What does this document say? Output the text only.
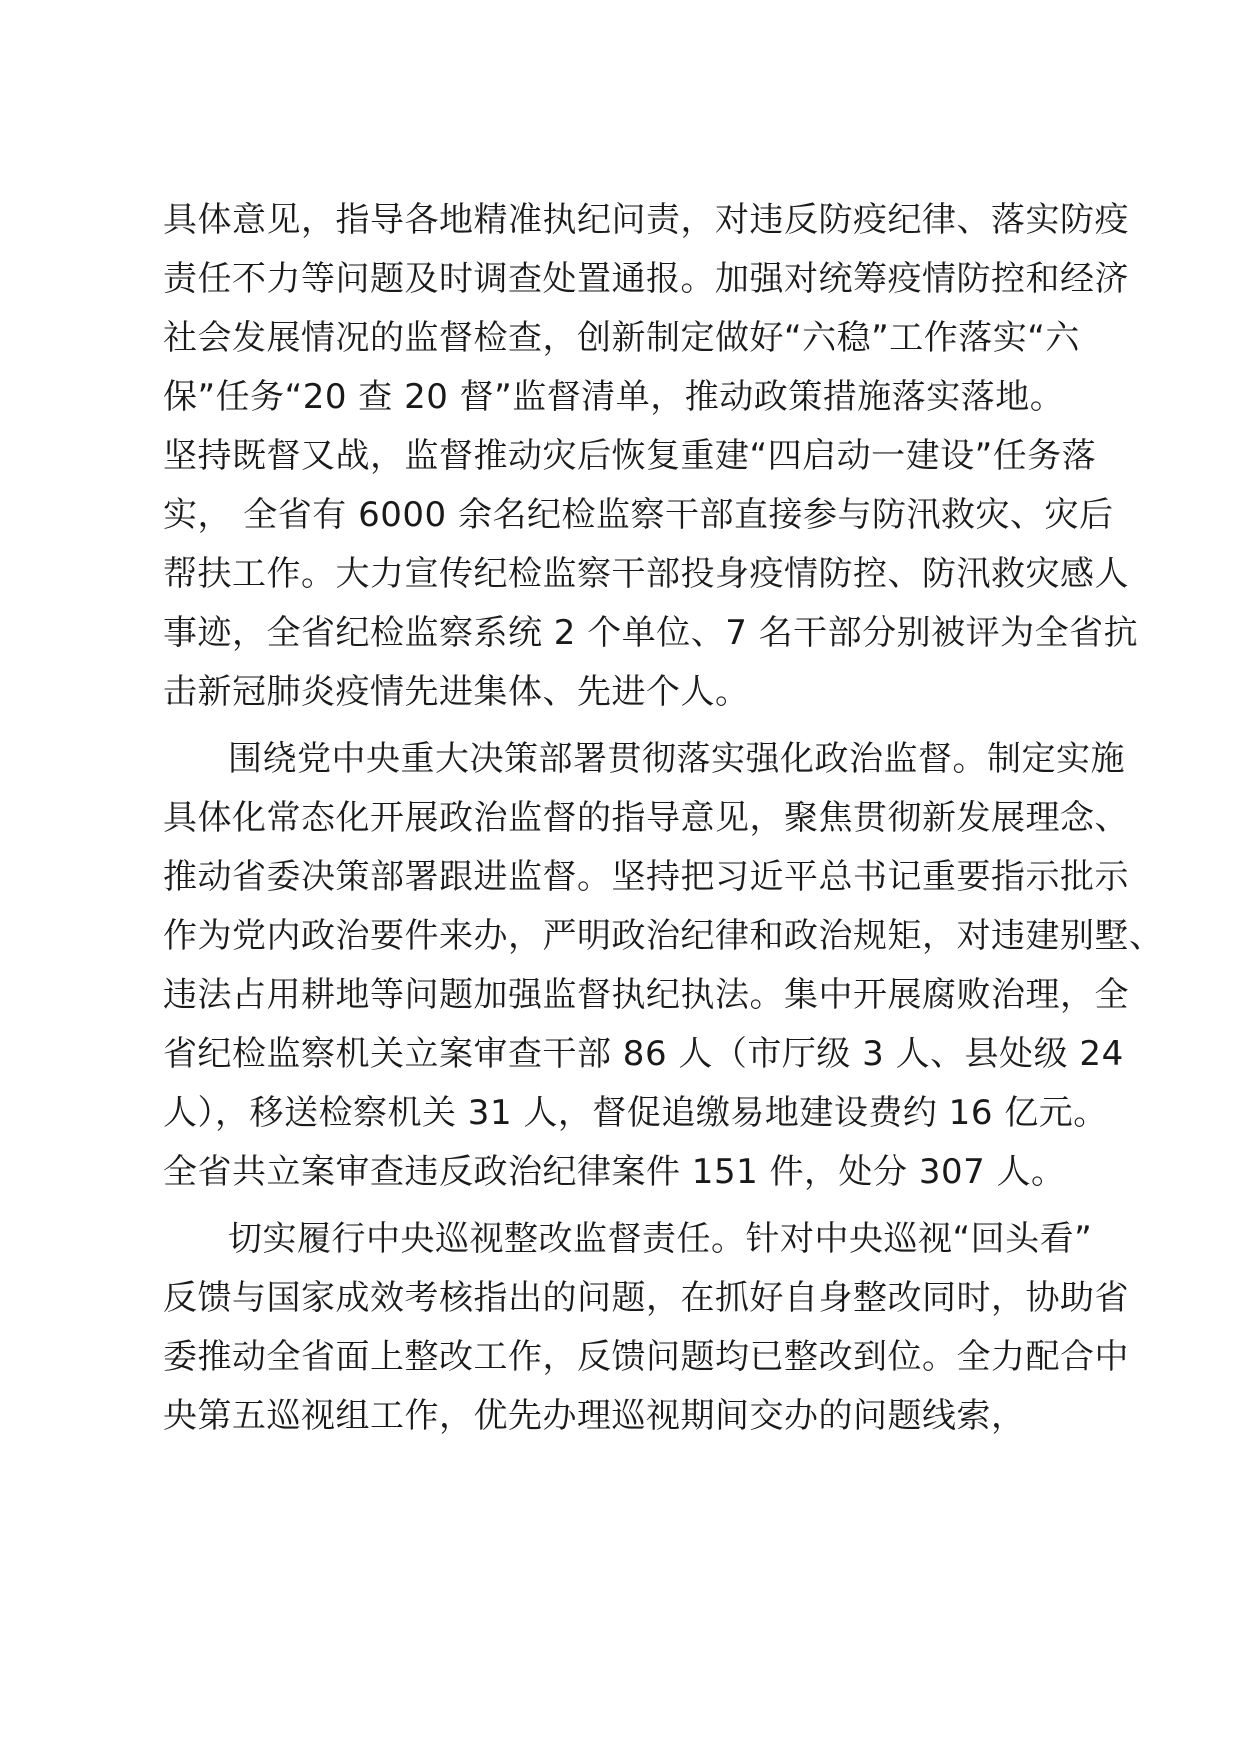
具体意见，指导各地精准执纪问责，对违反防疫纪律、落实防疫
责任不力等问题及时调查处置通报。加强对统筹疫情防控和经济
社会发展情况的监督检查，创新制定做好“六稳”工作落实“六
保”任务“20 查 20 督”监督清单，推动政策措施落实落地。
坚持既督又战，监督推动灾后恢复重建“四启动一建设”任务落
实， 全省有 6000 余名纪检监察干部直接参与防汛救灾、灾后
帮扶工作。大力宣传纪检监察干部投身疫情防控、防汛救灾感人
事迹，全省纪检监察系统 2 个单位、7 名干部分别被评为全省抗
击新冠肺炎疫情先进集体、先进个人。
围绕党中央重大决策部署贯彻落实强化政治监督。制定实施
具体化常态化开展政治监督的指导意见，聚焦贯彻新发展理念、
推动省委决策部署跟进监督。坚持把习近平总书记重要指示批示
作为党内政治要件来办，严明政治纪律和政治规矩，对违建别墅、
违法占用耕地等问题加强监督执纪执法。集中开展腐败治理，全
省纪检监察机关立案审查干部 86 人（市厅级 3 人、县处级 24
人），移送检察机关 31 人，督促追缴易地建设费约 16 亿元。
全省共立案审查违反政治纪律案件 151 件，处分 307 人。
切实履行中央巡视整改监督责任。针对中央巡视“回头看”
反馈与国家成效考核指出的问题，在抓好自身整改同时，协助省
委推动全省面上整改工作，反馈问题均已整改到位。全力配合中
央第五巡视组工作，优先办理巡视期间交办的问题线索，
